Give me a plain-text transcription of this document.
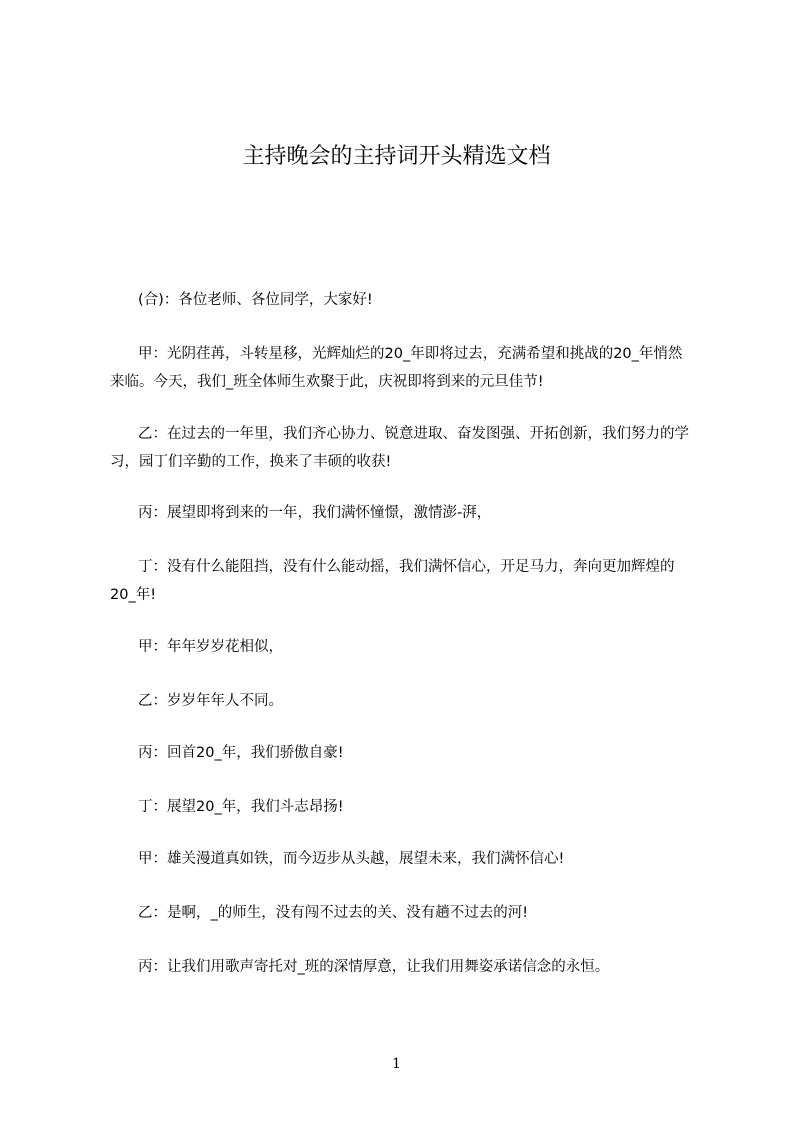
主持晚会的主持词开头精选文档
(合)：各位老师、各位同学，大家好!
甲：光阴荏苒，斗转星移，光辉灿烂的20_年即将过去，充满希望和挑战的20_年悄然来临。今天，我们_班全体师生欢聚于此，庆祝即将到来的元旦佳节!
乙：在过去的一年里，我们齐心协力、锐意进取、奋发图强、开拓创新，我们努力的学习，园丁们辛勤的工作，换来了丰硕的收获!
丙：展望即将到来的一年，我们满怀憧憬，激情澎-湃，
丁：没有什么能阻挡，没有什么能动摇，我们满怀信心，开足马力，奔向更加辉煌的20_年!
甲：年年岁岁花相似，
乙：岁岁年年人不同。
丙：回首20_年，我们骄傲自豪!
丁：展望20_年，我们斗志昂扬!
甲：雄关漫道真如铁，而今迈步从头越，展望未来，我们满怀信心!
乙：是啊，_的师生，没有闯不过去的关、没有趟不过去的河!
丙：让我们用歌声寄托对_班的深情厚意，让我们用舞姿承诺信念的永恒。
1
